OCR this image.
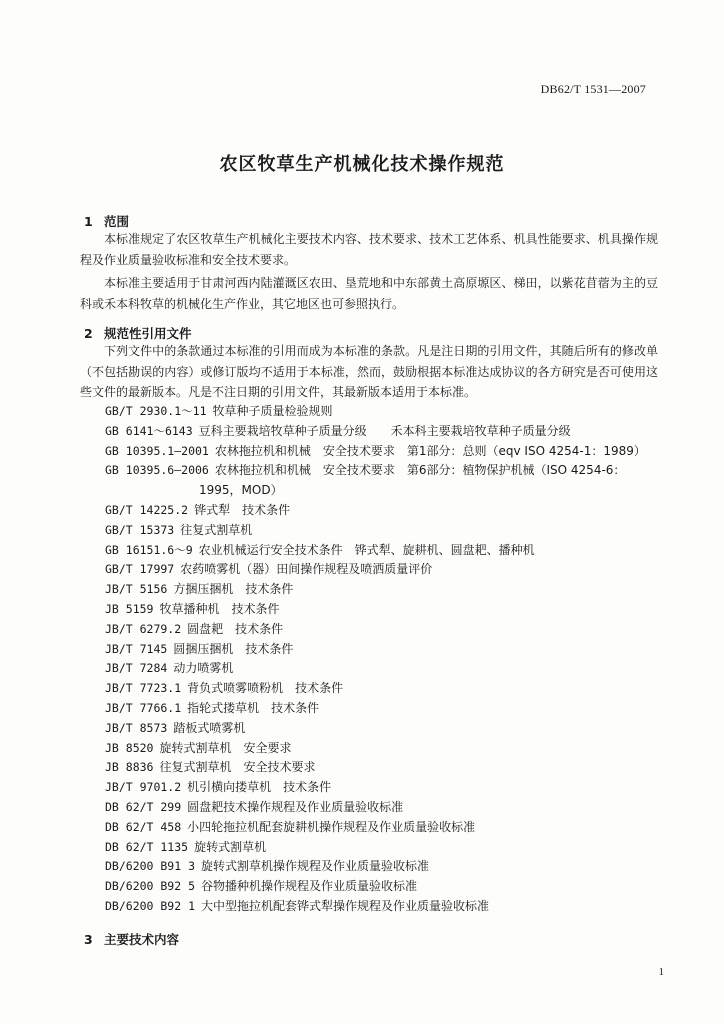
DB62/T 1531—2007
农区牧草生产机械化技术操作规范
1 范围
本标准规定了农区牧草生产机械化主要技术内容、技术要求、技术工艺体系、机具性能要求、机具操作规程及作业质量验收标准和安全技术要求。
本标准主要适用于甘肃河西内陆灌溉区农田、垦荒地和中东部黄土高原塬区、梯田，以紫花苜蓿为主的豆科或禾本科牧草的机械化生产作业，其它地区也可参照执行。
2 规范性引用文件
下列文件中的条款通过本标准的引用而成为本标准的条款。凡是注日期的引用文件，其随后所有的修改单（不包括勘误的内容）或修订版均不适用于本标准，然而，鼓励根据本标准达成协议的各方研究是否可使用这些文件的最新版本。凡是不注日期的引用文件，其最新版本适用于本标准。
GB/T 2930.1～11 牧草种子质量检验规则
GB 6141～6143 豆科主要栽培牧草种子质量分级　　禾本科主要栽培牧草种子质量分级
GB 10395.1—2001 农林拖拉机和机械　安全技术要求　第1部分：总则（eqv ISO 4254-1：1989）
GB 10395.6—2006 农林拖拉机和机械　安全技术要求　第6部分：植物保护机械（ISO 4254-6：
1995，MOD）
GB/T 14225.2 铧式犁　技术条件
GB/T 15373 往复式割草机
GB 16151.6～9 农业机械运行安全技术条件　铧式犁、旋耕机、圆盘耙、播种机
GB/T 17997 农药喷雾机（器）田间操作规程及喷洒质量评价
JB/T 5156 方捆压捆机　技术条件
JB 5159 牧草播种机　技术条件
JB/T 6279.2 圆盘耙　技术条件
JB/T 7145 圆捆压捆机　技术条件
JB/T 7284 动力喷雾机
JB/T 7723.1 背负式喷雾喷粉机　技术条件
JB/T 7766.1 指轮式搂草机　技术条件
JB/T 8573 踏板式喷雾机
JB 8520 旋转式割草机　安全要求
JB 8836 往复式割草机　安全技术要求
JB/T 9701.2 机引横向搂草机　技术条件
DB 62/T 299 圆盘耙技术操作规程及作业质量验收标准
DB 62/T 458 小四轮拖拉机配套旋耕机操作规程及作业质量验收标准
DB 62/T 1135 旋转式割草机
DB/6200 B91 3 旋转式割草机操作规程及作业质量验收标准
DB/6200 B92 5 谷物播种机操作规程及作业质量验收标准
DB/6200 B92 1 大中型拖拉机配套铧式犁操作规程及作业质量验收标准
3 主要技术内容
1
